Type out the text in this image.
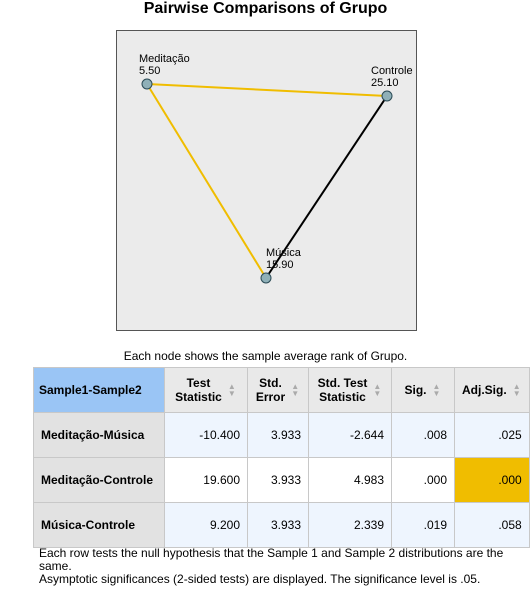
Pairwise Comparisons of Grupo
Meditação
5.50	Controle
25.10
Música
15.90
Each node shows the sample average rank of Grupo.
Sample1-Sample2	Test
Statistic
▲
▼	Std.
Error
▲
▼	Std. Test
Statistic
▲
▼	Sig. ▲
▼	Adj.Sig. ▲
▼

Meditação-Música	-10.400	3.933	-2.644	.008	.025
Meditação-Controle	19.600	3.933	4.983	.000	.000
Música-Controle	9.200	3.933	2.339	.019	.058
Each row tests the null hypothesis that the Sample 1 and Sample 2 distributions are the same.
Asymptotic significances (2-sided tests) are displayed. The significance level is .05.
